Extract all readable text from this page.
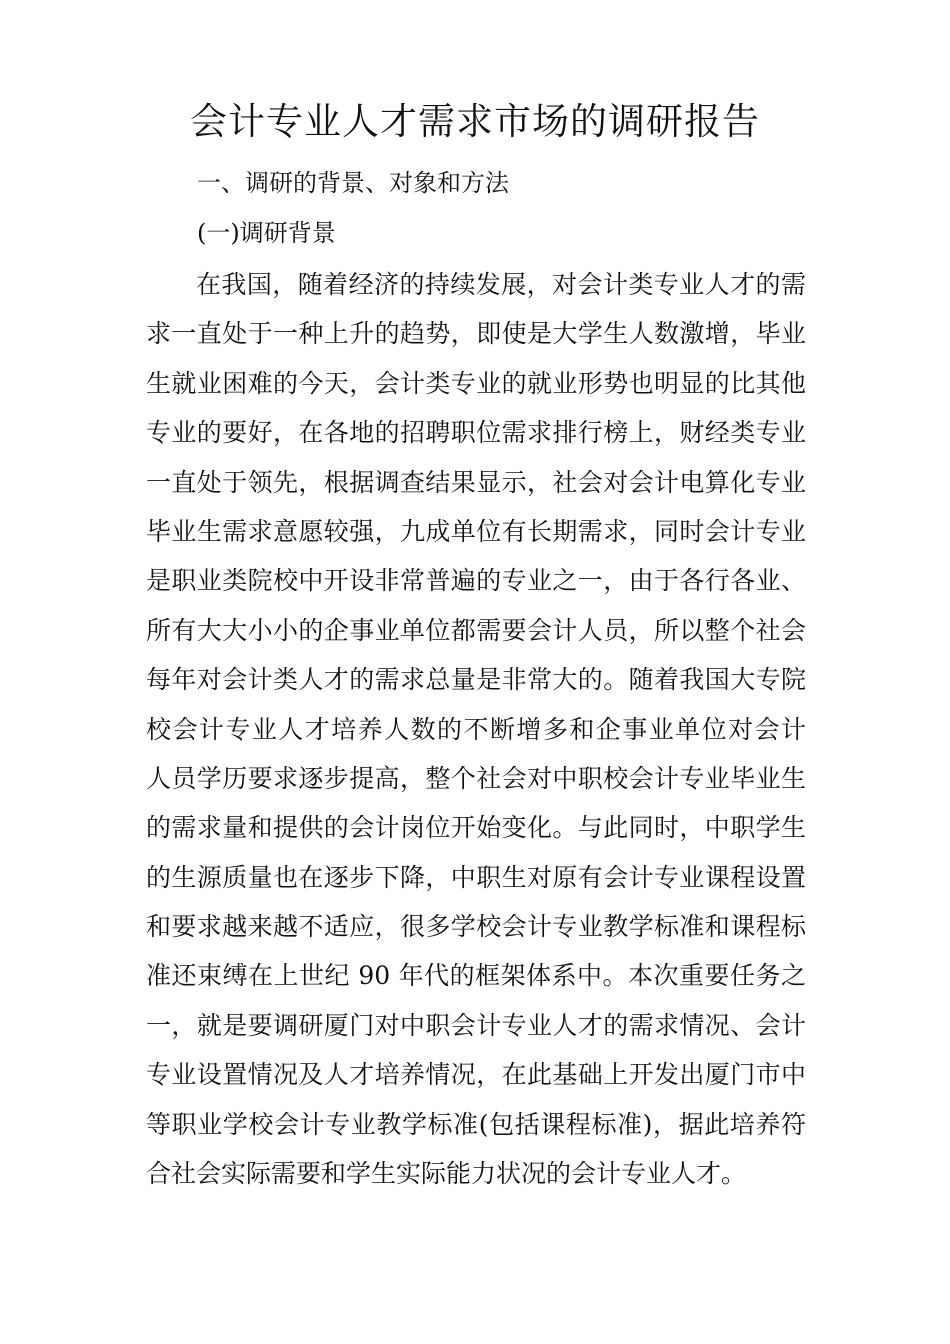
会计专业人才需求市场的调研报告
一、调研的背景、对象和方法
(一)调研背景
在我国，随着经济的持续发展，对会计类专业人才的需
求一直处于一种上升的趋势，即使是大学生人数激增，毕业
生就业困难的今天，会计类专业的就业形势也明显的比其他
专业的要好，在各地的招聘职位需求排行榜上，财经类专业
一直处于领先，根据调查结果显示，社会对会计电算化专业
毕业生需求意愿较强，九成单位有长期需求，同时会计专业
是职业类院校中开设非常普遍的专业之一，由于各行各业、
所有大大小小的企事业单位都需要会计人员，所以整个社会
每年对会计类人才的需求总量是非常大的。随着我国大专院
校会计专业人才培养人数的不断增多和企事业单位对会计
人员学历要求逐步提高，整个社会对中职校会计专业毕业生
的需求量和提供的会计岗位开始变化。与此同时，中职学生
的生源质量也在逐步下降，中职生对原有会计专业课程设置
和要求越来越不适应，很多学校会计专业教学标准和课程标
准还束缚在上世纪 90 年代的框架体系中。本次重要任务之
一，就是要调研厦门对中职会计专业人才的需求情况、会计
专业设置情况及人才培养情况，在此基础上开发出厦门市中
等职业学校会计专业教学标准(包括课程标准)，据此培养符
合社会实际需要和学生实际能力状况的会计专业人才。
